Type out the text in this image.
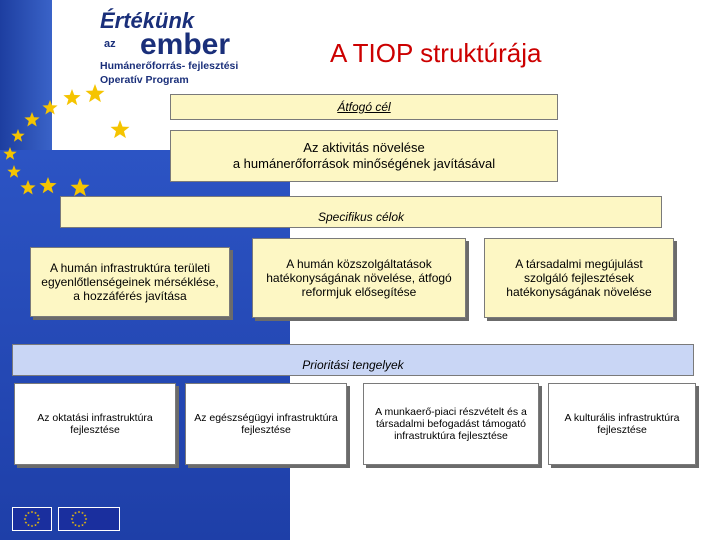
Értékünk
az ember
Humánerőforrás- fejlesztési
Operatív Program
A TIOP struktúrája
Átfogó cél
Az aktivitás növelése
a humánerőforrások minőségének javításával
Specifikus célok
A humán infrastruktúra területi egyenlőtlenségeinek mérséklése, a hozzáférés javítása
A humán közszolgáltatások hatékonyságának növelése, átfogó reformjuk elősegítése
A társadalmi megújulást szolgáló fejlesztések hatékonyságának növelése
Prioritási tengelyek
Az oktatási infrastruktúra fejlesztése
Az egészségügyi infrastruktúra fejlesztése
A munkaerő-piaci részvételt és a társadalmi befogadást támogató infrastruktúra fejlesztése
A kulturális infrastruktúra fejlesztése
